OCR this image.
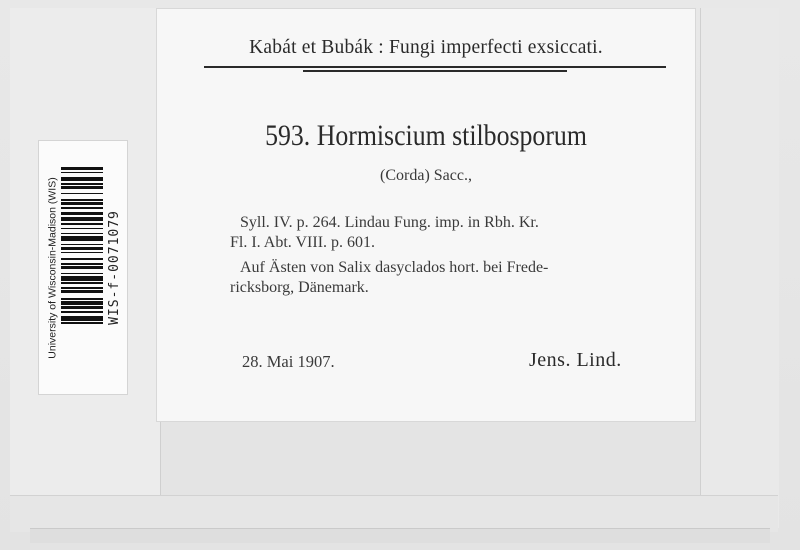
Kabát et Bubák : Fungi imperfecti exsiccati.
593. Hormiscium stilbosporum
(Corda) Sacc.,
Syll. IV. p. 264. Lindau Fung. imp. in Rbh. Kr.
Fl. I. Abt. VIII. p. 601.
Auf Ästen von Salix dasyclados hort. bei Frede-
ricksborg, Dänemark.
28. Mai 1907.	Jens. Lind.
University of Wisconsin-Madison (WIS)	WIS-f-0071079
